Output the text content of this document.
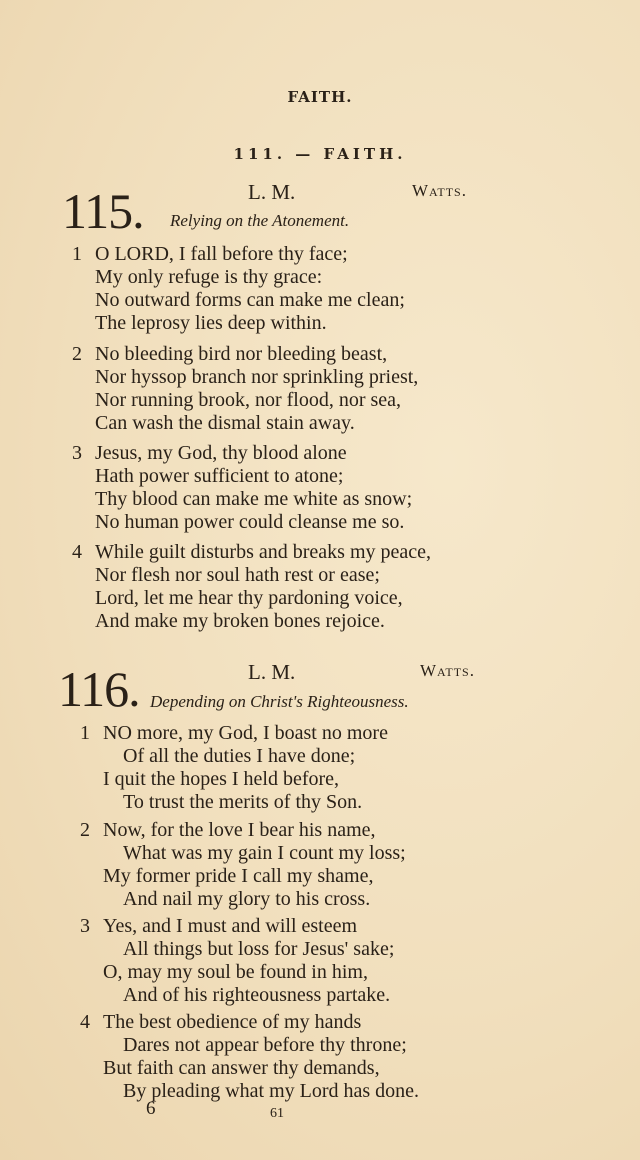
FAITH.
111. — FAITH.
115.	L. M.	Watts.
Relying on the Atonement.
1 O LORD, I fall before thy face;
My only refuge is thy grace:
No outward forms can make me clean;
The leprosy lies deep within.
2 No bleeding bird nor bleeding beast,
Nor hyssop branch nor sprinkling priest,
Nor running brook, nor flood, nor sea,
Can wash the dismal stain away.
3 Jesus, my God, thy blood alone
Hath power sufficient to atone;
Thy blood can make me white as snow;
No human power could cleanse me so.
4 While guilt disturbs and breaks my peace,
Nor flesh nor soul hath rest or ease;
Lord, let me hear thy pardoning voice,
And make my broken bones rejoice.
116.	L. M.	Watts.
Depending on Christ's Righteousness.
1 NO more, my God, I boast no more
Of all the duties I have done;
I quit the hopes I held before,
To trust the merits of thy Son.
2 Now, for the love I bear his name,
What was my gain I count my loss;
My former pride I call my shame,
And nail my glory to his cross.
3 Yes, and I must and will esteem
All things but loss for Jesus' sake;
O, may my soul be found in him,
And of his righteousness partake.
4 The best obedience of my hands
Dares not appear before thy throne;
But faith can answer thy demands,
By pleading what my Lord has done.
6	61
